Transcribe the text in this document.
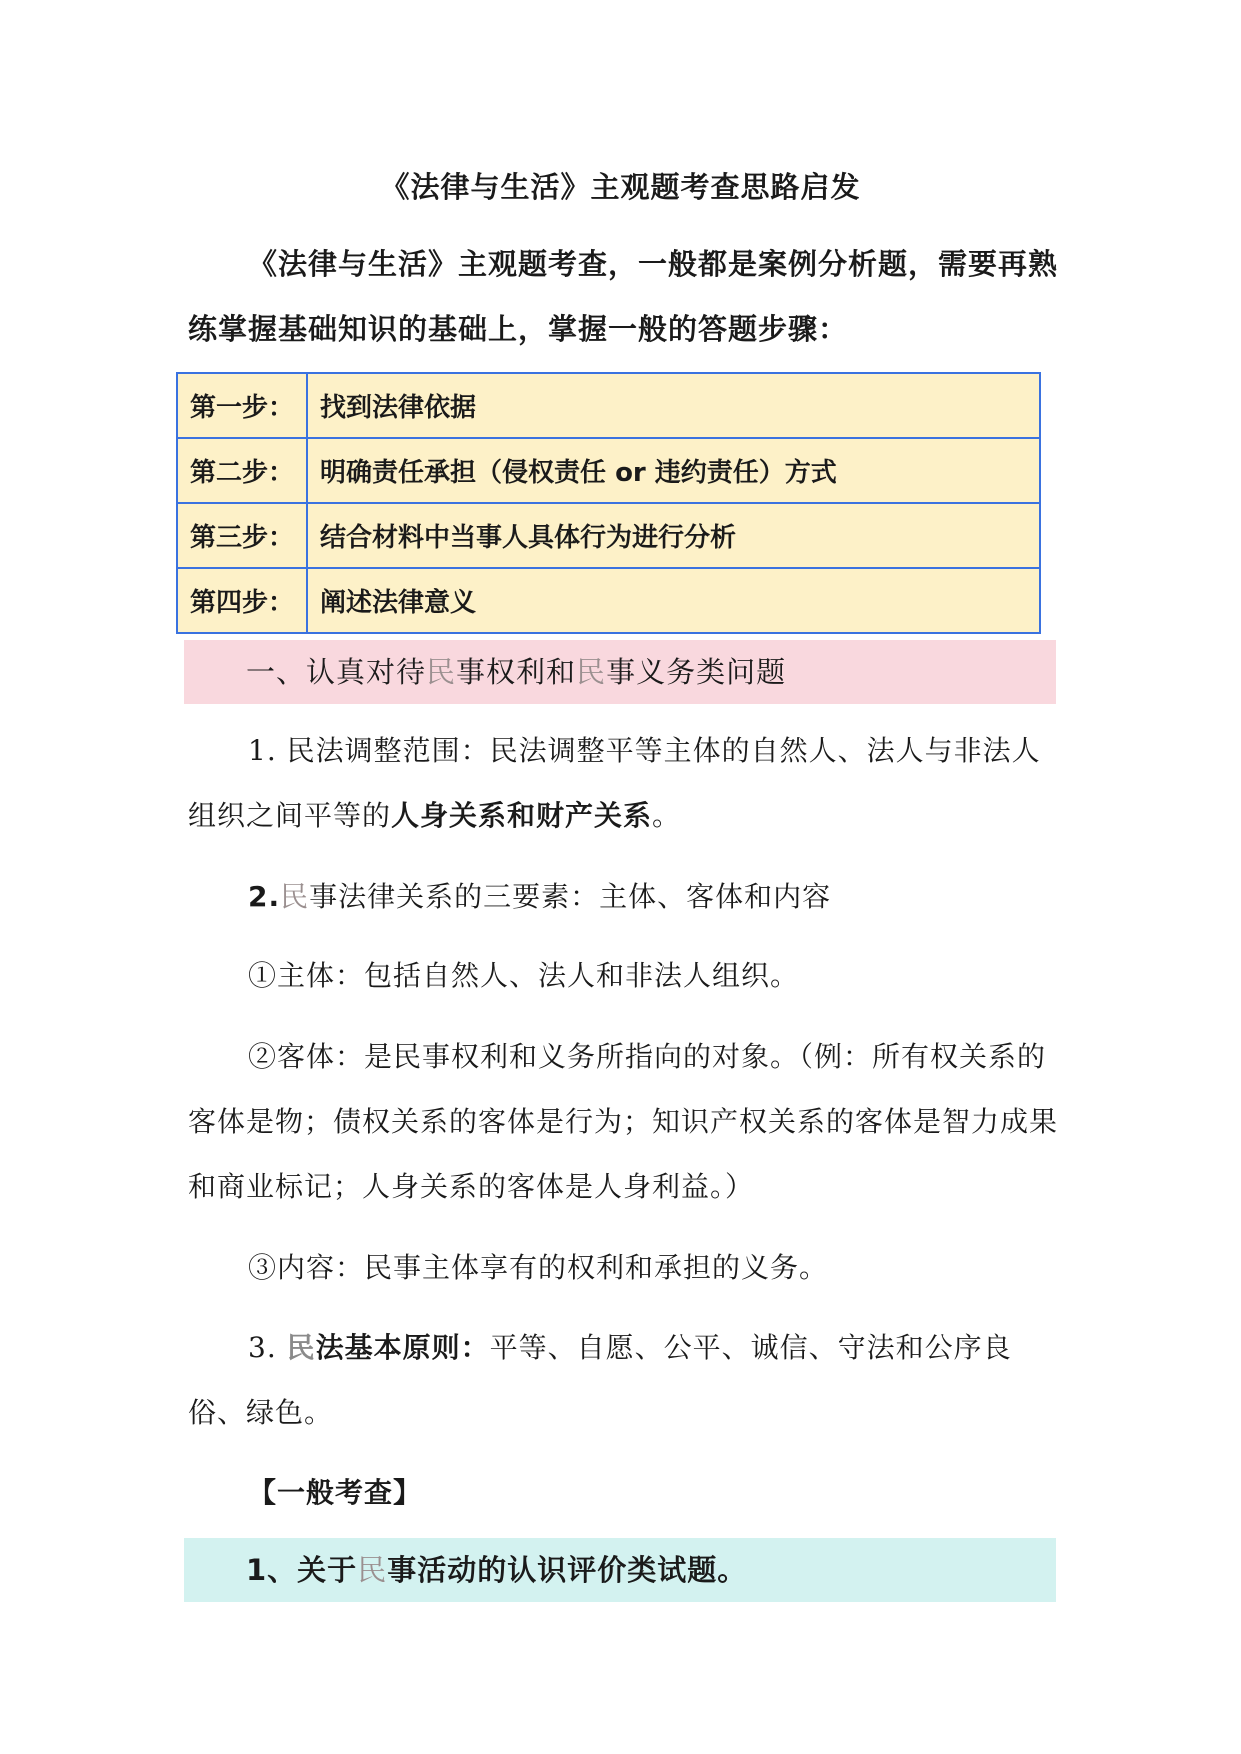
《法律与生活》主观题考查思路启发
《法律与生活》主观题考查，一般都是案例分析题，需要再熟练掌握基础知识的基础上，掌握一般的答题步骤：
第一步：	找到法律依据
第二步：	明确责任承担（侵权责任 or 违约责任）方式
第三步：	结合材料中当事人具体行为进行分析
第四步：	阐述法律意义
一、认真对待民事权利和民事义务类问题
1. 民法调整范围：民法调整平等主体的自然人、法人与非法人组织之间平等的人身关系和财产关系。
2.民事法律关系的三要素：主体、客体和内容
①主体：包括自然人、法人和非法人组织。
②客体：是民事权利和义务所指向的对象。（例：所有权关系的客体是物；债权关系的客体是行为；知识产权关系的客体是智力成果和商业标记；人身关系的客体是人身利益。）
③内容：民事主体享有的权利和承担的义务。
3. 民法基本原则：平等、自愿、公平、诚信、守法和公序良俗、绿色。
【一般考查】
1、关于民事活动的认识评价类试题。
